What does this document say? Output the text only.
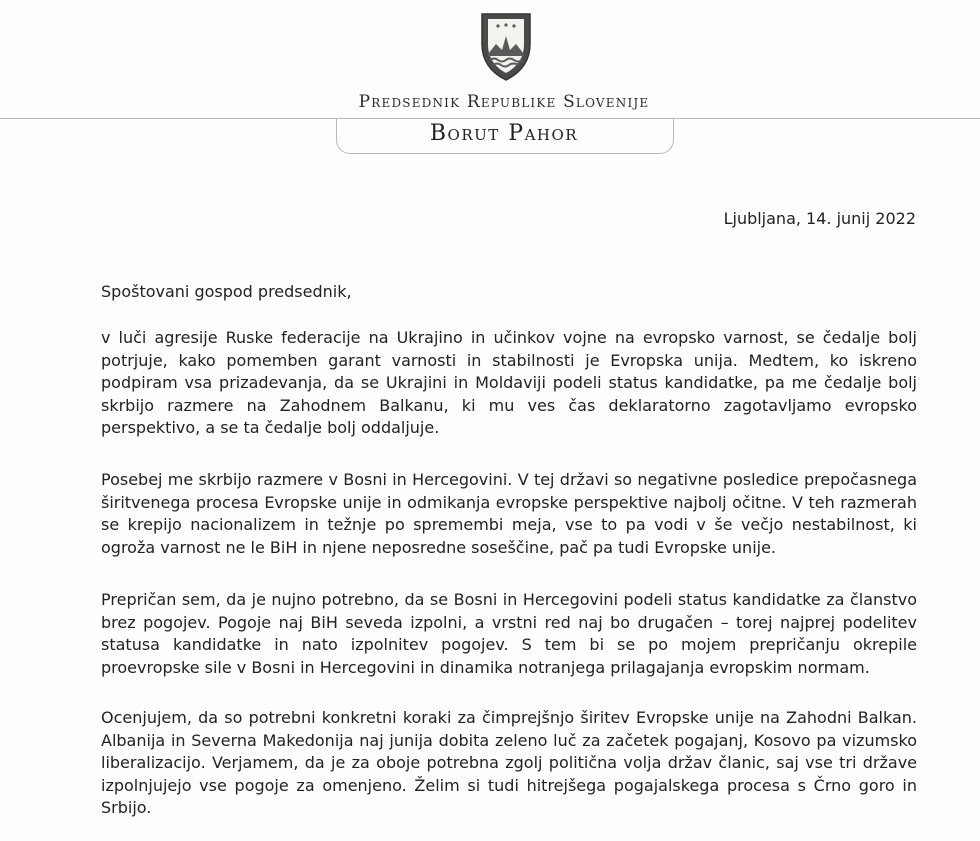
Predsednik Republike Slovenije
Borut Pahor
Ljubljana, 14. junij 2022
Spoštovani gospod predsednik,

v luči agresije Ruske federacije na Ukrajino in učinkov vojne na evropsko varnost, se čedalje bolj potrjuje, kako pomemben garant varnosti in stabilnosti je Evropska unija. Medtem, ko iskreno podpiram vsa prizadevanja, da se Ukrajini in Moldaviji podeli status kandidatke, pa me čedalje bolj skrbijo razmere na Zahodnem Balkanu, ki mu ves čas deklaratorno zagotavljamo evropsko perspektivo, a se ta čedalje bolj oddaljuje.

Posebej me skrbijo razmere v Bosni in Hercegovini. V tej državi so negativne posledice prepočasnega širitvenega procesa Evropske unije in odmikanja evropske perspektive najbolj očitne. V teh razmerah se krepijo nacionalizem in težnje po spremembi meja, vse to pa vodi v še večjo nestabilnost, ki ogroža varnost ne le BiH in njene neposredne soseščine, pač pa tudi Evropske unije.

Prepričan sem, da je nujno potrebno, da se Bosni in Hercegovini podeli status kandidatke za članstvo brez pogojev. Pogoje naj BiH seveda izpolni, a vrstni red naj bo drugačen – torej najprej podelitev statusa kandidatke in nato izpolnitev pogojev. S tem bi se po mojem prepričanju okrepile proevropske sile v Bosni in Hercegovini in dinamika notranjega prilagajanja evropskim normam.

Ocenjujem, da so potrebni konkretni koraki za čimprejšnjo širitev Evropske unije na Zahodni Balkan. Albanija in Severna Makedonija naj junija dobita zeleno luč za začetek pogajanj, Kosovo pa vizumsko liberalizacijo. Verjamem, da je za oboje potrebna zgolj politična volja držav članic, saj vse tri države izpolnjujejo vse pogoje za omenjeno. Želim si tudi hitrejšega pogajalskega procesa s Črno goro in Srbijo.
